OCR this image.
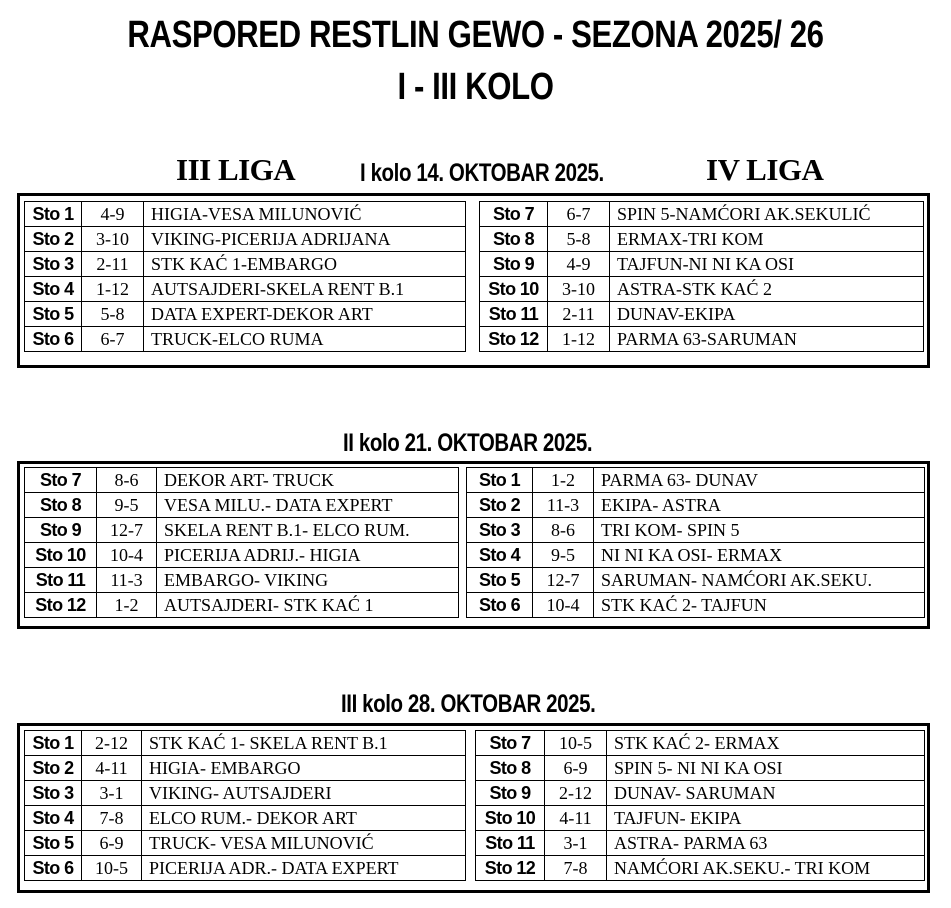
RASPORED RESTLIN GEWO - SEZONA 2025/ 26
I - III KOLO
III LIGA	I kolo 14. OKTOBAR 2025.	IV LIGA
II kolo 21. OKTOBAR 2025.
III kolo 28. OKTOBAR 2025.
Sto 1	4-9	HIGIA-VESA MILUNOVIĆ		Sto 7	6-7	SPIN 5-NAMĆORI AK.SEKULIĆ
Sto 2	3-10	VIKING-PICERIJA ADRIJANA		Sto 8	5-8	ERMAX-TRI KOM
Sto 3	2-11	STK KAĆ 1-EMBARGO		Sto 9	4-9	TAJFUN-NI NI KA OSI
Sto 4	1-12	AUTSAJDERI-SKELA RENT B.1		Sto 10	3-10	ASTRA-STK KAĆ 2
Sto 5	5-8	DATA EXPERT-DEKOR ART		Sto 11	2-11	DUNAV-EKIPA
Sto 6	6-7	TRUCK-ELCO RUMA		Sto 12	1-12	PARMA 63-SARUMAN
Sto 7	8-6	DEKOR ART- TRUCK		Sto 1	1-2	PARMA 63- DUNAV
Sto 8	9-5	VESA MILU.- DATA EXPERT		Sto 2	11-3	EKIPA- ASTRA
Sto 9	12-7	SKELA RENT B.1- ELCO RUM.		Sto 3	8-6	TRI KOM- SPIN 5
Sto 10	10-4	PICERIJA ADRIJ.- HIGIA		Sto 4	9-5	NI NI KA OSI- ERMAX
Sto 11	11-3	EMBARGO- VIKING		Sto 5	12-7	SARUMAN- NAMĆORI AK.SEKU.
Sto 12	1-2	AUTSAJDERI- STK KAĆ 1		Sto 6	10-4	STK KAĆ 2- TAJFUN
Sto 1	2-12	STK KAĆ 1- SKELA RENT B.1		Sto 7	10-5	STK KAĆ 2- ERMAX
Sto 2	4-11	HIGIA- EMBARGO		Sto 8	6-9	SPIN 5- NI NI KA OSI
Sto 3	3-1	VIKING- AUTSAJDERI		Sto 9	2-12	DUNAV- SARUMAN
Sto 4	7-8	ELCO RUM.- DEKOR ART		Sto 10	4-11	TAJFUN- EKIPA
Sto 5	6-9	TRUCK- VESA MILUNOVIĆ		Sto 11	3-1	ASTRA- PARMA 63
Sto 6	10-5	PICERIJA ADR.- DATA EXPERT		Sto 12	7-8	NAMĆORI AK.SEKU.- TRI KOM
